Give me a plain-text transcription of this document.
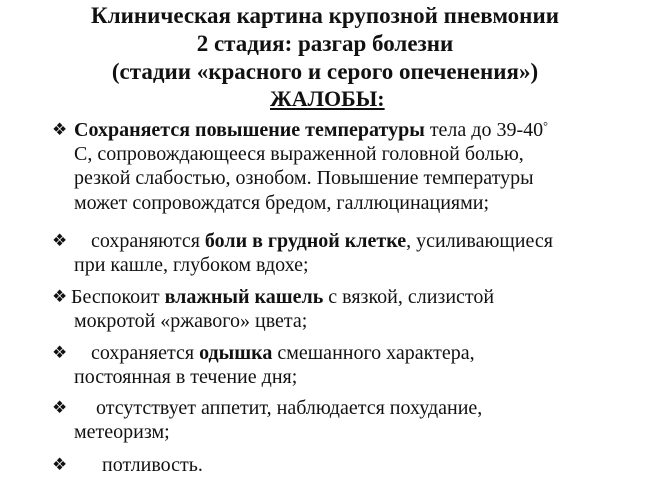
Клиническая картина крупозной пневмонии
2 стадия: разгар болезни
(стадии «красного и серого опеченения»)
ЖАЛОБЫ:
❖ Сохраняется повышение температуры тела до 39-40°
С, сопровождающееся выраженной головной болью,
резкой слабостью, ознобом. Повышение температуры
может сопровождатся бредом, галлюцинациями;
❖ сохраняются боли в грудной клетке, усиливающиеся
при кашле, глубоком вдохе;
❖ Беспокоит влажный кашель с вязкой, слизистой
мокротой «ржавого» цвета;
❖ сохраняется одышка смешанного характера,
постоянная в течение дня;
❖ отсутствует аппетит, наблюдается похудание,
метеоризм;
❖ потливость.
